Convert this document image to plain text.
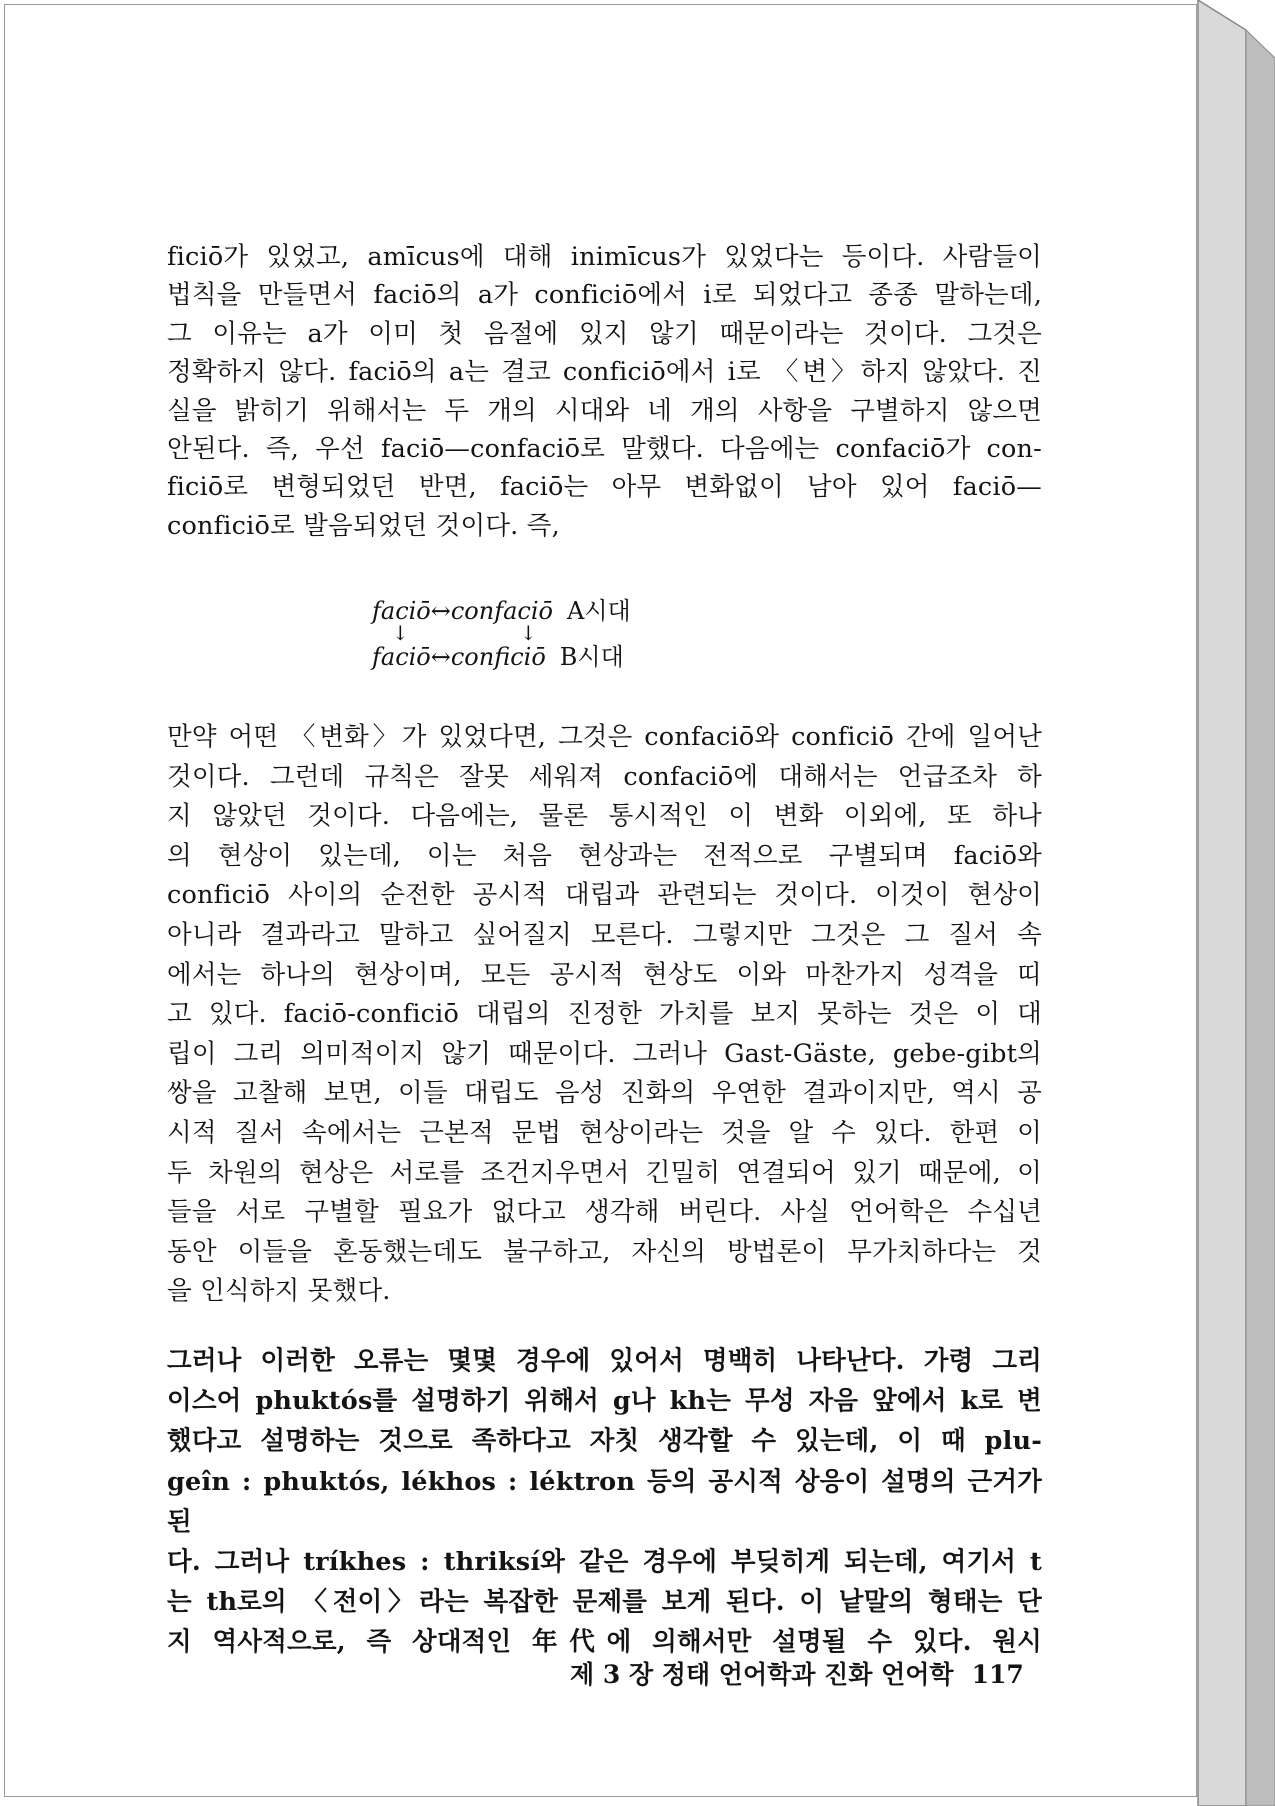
ficiō가 있었고, amīcus에 대해 inimīcus가 있었다는 등이다. 사람들이

법칙을 만들면서 faciō의 a가 conficiō에서 i로 되었다고 종종 말하는데,

그 이유는 a가 이미 첫 음절에 있지 않기 때문이라는 것이다. 그것은

정확하지 않다. faciō의 a는 결코 conficiō에서 i로 〈변〉하지 않았다. 진

실을 밝히기 위해서는 두 개의 시대와 네 개의 사항을 구별하지 않으면

안된다. 즉, 우선 faciō—confaciō로 말했다. 다음에는 confaciō가 con-

ficiō로 변형되었던 반면, faciō는 아무 변화없이 남아 있어 faciō—

conficiō로 발음되었던 것이다. 즉,

faciō↔confaciō A시대
↓	↓
faciō↔conficiō B시대

만약 어떤 〈변화〉가 있었다면, 그것은 confaciō와 conficiō 간에 일어난

것이다. 그런데 규칙은 잘못 세워져 confaciō에 대해서는 언급조차 하

지 않았던 것이다. 다음에는, 물론 통시적인 이 변화 이외에, 또 하나

의 현상이 있는데, 이는 처음 현상과는 전적으로 구별되며 faciō와

conficiō 사이의 순전한 공시적 대립과 관련되는 것이다. 이것이 현상이

아니라 결과라고 말하고 싶어질지 모른다. 그렇지만 그것은 그 질서 속

에서는 하나의 현상이며, 모든 공시적 현상도 이와 마찬가지 성격을 띠

고 있다. faciō-conficiō 대립의 진정한 가치를 보지 못하는 것은 이 대

립이 그리 의미적이지 않기 때문이다. 그러나 Gast-Gäste, gebe-gibt의

쌍을 고찰해 보면, 이들 대립도 음성 진화의 우연한 결과이지만, 역시 공

시적 질서 속에서는 근본적 문법 현상이라는 것을 알 수 있다. 한편 이

두 차원의 현상은 서로를 조건지우면서 긴밀히 연결되어 있기 때문에, 이

들을 서로 구별할 필요가 없다고 생각해 버린다. 사실 언어학은 수십년

동안 이들을 혼동했는데도 불구하고, 자신의 방법론이 무가치하다는 것

을 인식하지 못했다.

그러나 이러한 오류는 몇몇 경우에 있어서 명백히 나타난다. 가령 그리

이스어 phuktós를 설명하기 위해서 g나 kh는 무성 자음 앞에서 k로 변

했다고 설명하는 것으로 족하다고 자칫 생각할 수 있는데, 이 때 plu-

geîn : phuktós, lékhos : léktron 등의 공시적 상응이 설명의 근거가 된

다. 그러나 tríkhes : thriksí와 같은 경우에 부딪히게 되는데, 여기서 t

는 th로의 〈전이〉라는 복잡한 문제를 보게 된다. 이 낱말의 형태는 단

지 역사적으로, 즉 상대적인 年代에 의해서만 설명될 수 있다. 원시

제 3 장 정태 언어학과 진화 언어학 117
